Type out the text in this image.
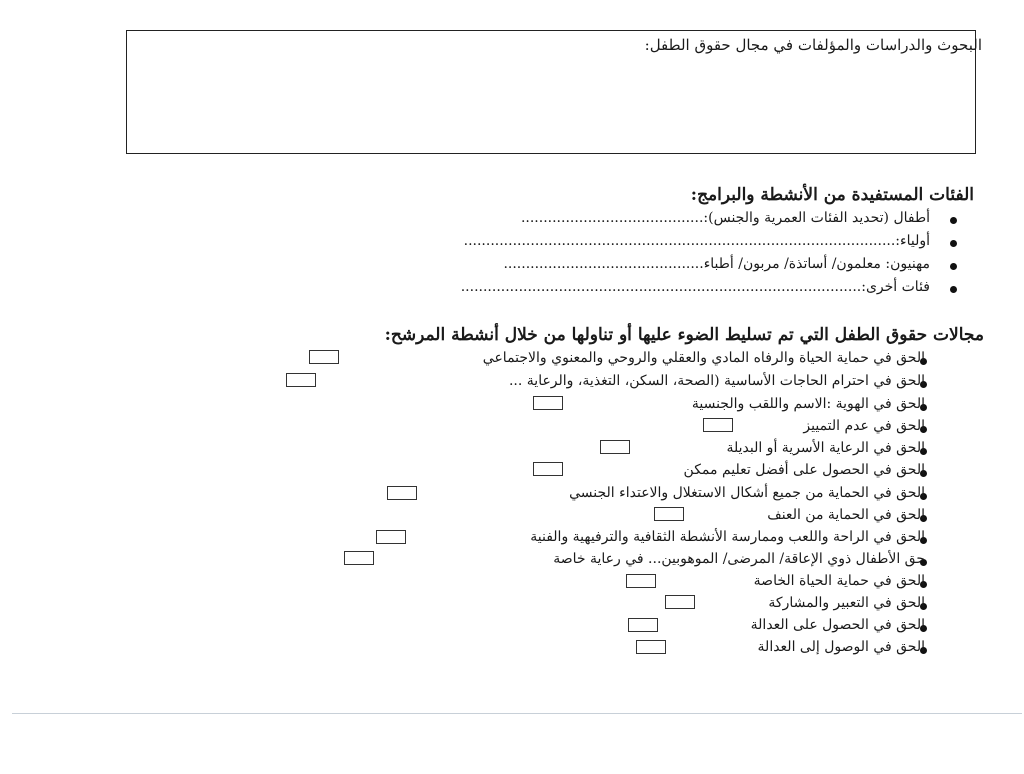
البحوث والدراسات والمؤلفات في مجال حقوق الطفل:
الفئات المستفيدة من الأنشطة والبرامج:
أطفال (تحديد الفئات العمرية والجنس):.........................................
أولياء:.................................................................................................
مهنيون: معلمون/ أساتذة/ مربون/ أطباء.............................................
فئات أخرى:..........................................................................................
مجالات حقوق الطفل التي تم تسليط الضوء عليها أو تناولها من خلال أنشطة المرشح:
الحق في حماية الحياة والرفاه المادي والعقلي والروحي والمعنوي والاجتماعي
الحق في احترام الحاجات الأساسية (الصحة، السكن، التغذية، والرعاية ...
الحق في الهوية :الاسم واللقب والجنسية
الحق في عدم التمييز
الحق في الرعاية الأسرية أو البديلة
الحق في الحصول على أفضل تعليم ممكن
الحق في الحماية من جميع أشكال الاستغلال والاعتداء الجنسي
الحق في الحماية من العنف
الحق في الراحة واللعب وممارسة الأنشطة الثقافية والترفيهية والفنية
حق الأطفال ذوي الإعاقة/ المرضى/ الموهوبين... في رعاية خاصة
الحق في حماية الحياة الخاصة
الحق في التعبير والمشاركة
الحق في الحصول على العدالة
الحق في الوصول إلى العدالة
